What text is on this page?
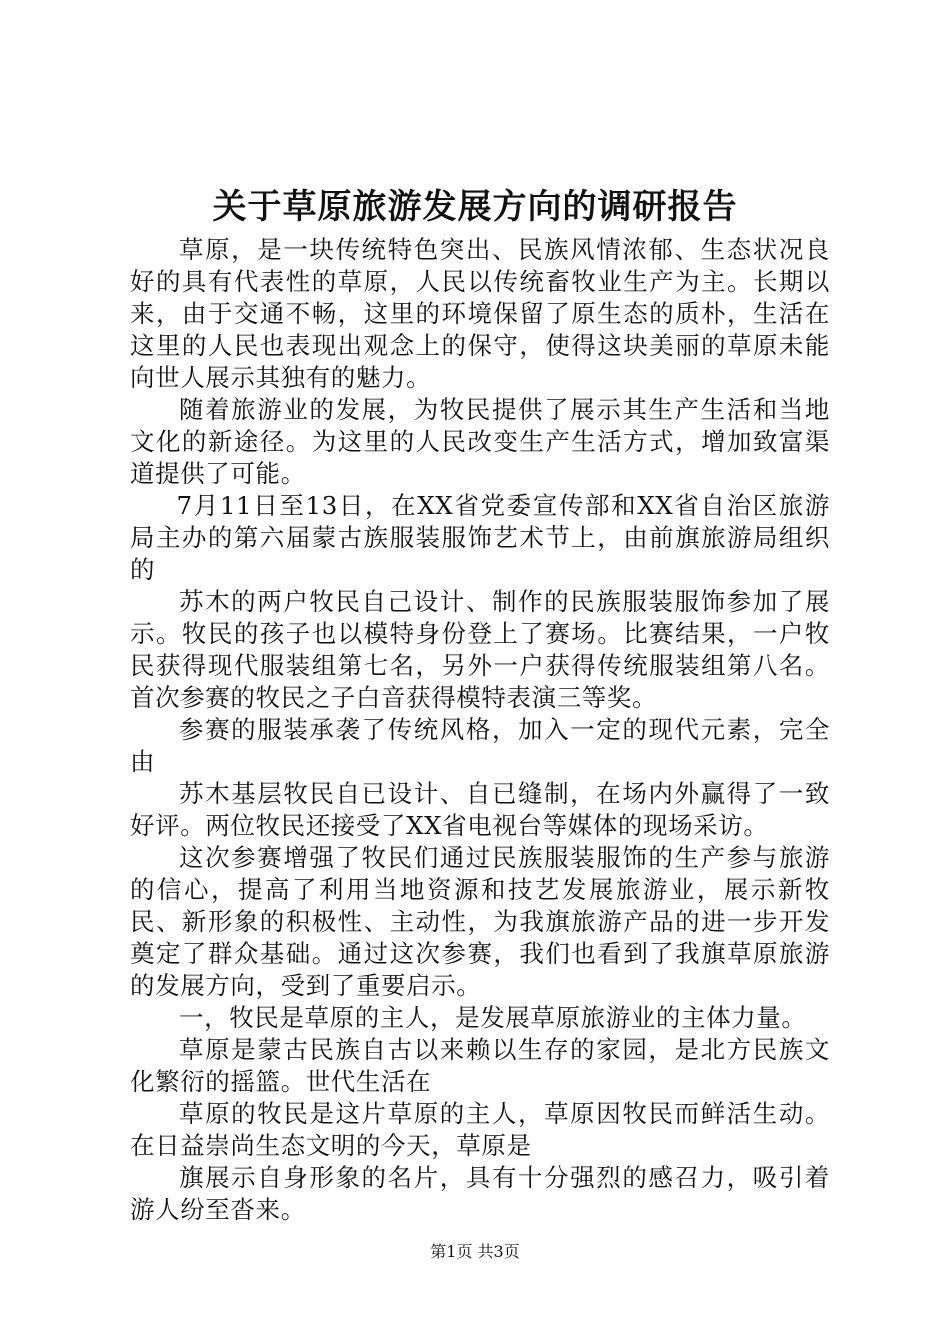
关于草原旅游发展方向的调研报告

草原，是一块传统特色突出、民族风情浓郁、生态状况良好的具有代表性的草原，人民以传统畜牧业生产为主。长期以来，由于交通不畅，这里的环境保留了原生态的质朴，生活在这里的人民也表现出观念上的保守，使得这块美丽的草原未能向世人展示其独有的魅力。

随着旅游业的发展，为牧民提供了展示其生产生活和当地文化的新途径。为这里的人民改变生产生活方式，增加致富渠道提供了可能。

7月11日至13日，在XX省党委宣传部和XX省自治区旅游局主办的第六届蒙古族服装服饰艺术节上，由前旗旅游局组织的

苏木的两户牧民自己设计、制作的民族服装服饰参加了展示。牧民的孩子也以模特身份登上了赛场。比赛结果，一户牧民获得现代服装组第七名，另外一户获得传统服装组第八名。首次参赛的牧民之子白音获得模特表演三等奖。

参赛的服装承袭了传统风格，加入一定的现代元素，完全由

苏木基层牧民自已设计、自已缝制，在场内外赢得了一致好评。两位牧民还接受了XX省电视台等媒体的现场采访。

这次参赛增强了牧民们通过民族服装服饰的生产参与旅游的信心，提高了利用当地资源和技艺发展旅游业，展示新牧民、新形象的积极性、主动性，为我旗旅游产品的进一步开发奠定了群众基础。通过这次参赛，我们也看到了我旗草原旅游的发展方向，受到了重要启示。

一，牧民是草原的主人，是发展草原旅游业的主体力量。

草原是蒙古民族自古以来赖以生存的家园，是北方民族文化繁衍的摇篮。世代生活在

草原的牧民是这片草原的主人，草原因牧民而鲜活生动。在日益崇尚生态文明的今天，草原是

旗展示自身形象的名片，具有十分强烈的感召力，吸引着游人纷至沓来。

第1页 共3页
